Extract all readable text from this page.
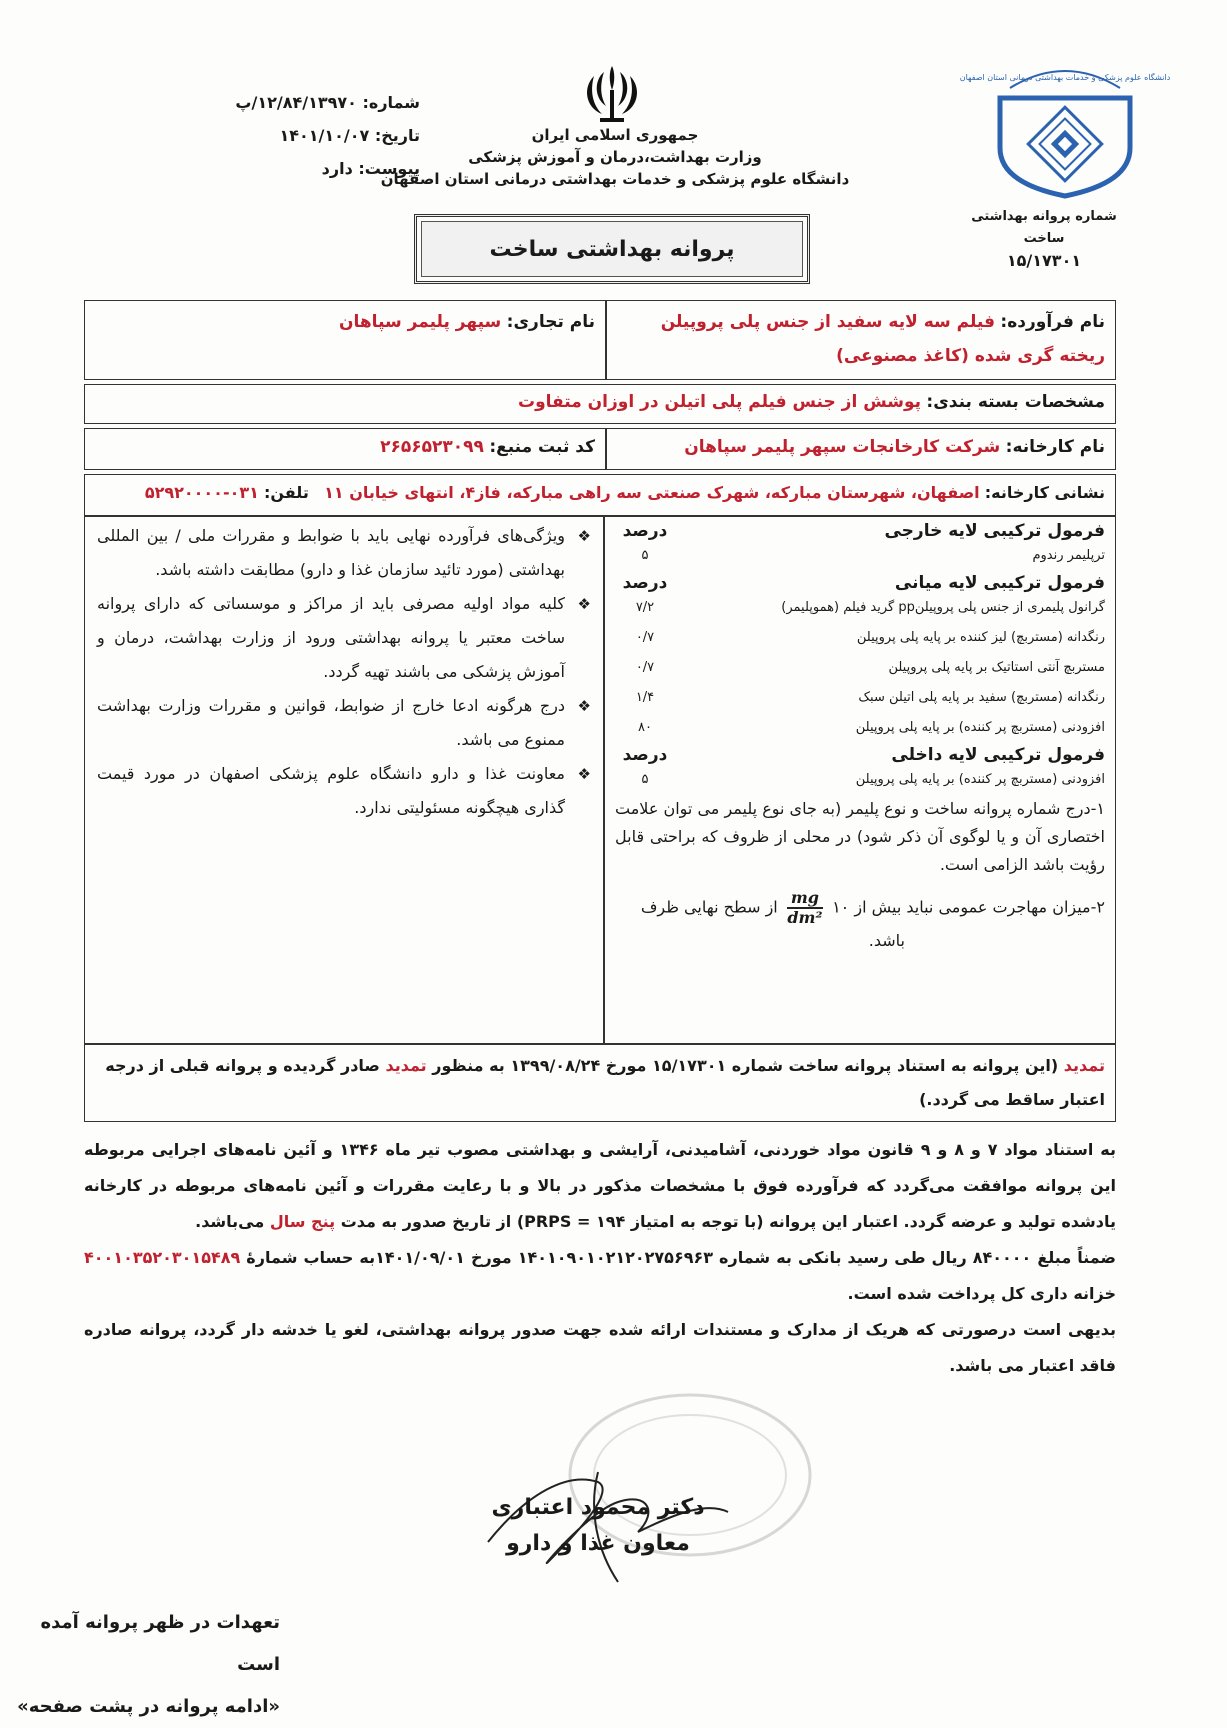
شماره: ۱۲/۸۴/۱۳۹۷۰/پ
تاریخ: ۱۴۰۱/۱۰/۰۷
پیوست: دارد
جمهوری اسلامی ایران
وزارت بهداشت،درمان و آموزش پزشکی
دانشگاه علوم پزشکی و خدمات بهداشتی درمانی استان اصفهان
دانشگاه علوم پزشکی و خدمات بهداشتی درمانی استان اصفهان
شماره پروانه بهداشتی ساخت
۱۵/۱۷۳۰۱
پروانه بهداشتی ساخت
نام فرآورده: فیلم سه لایه سفید از جنس پلی پروپیلن ریخته گری شده (کاغذ مصنوعی)
نام تجاری: سپهر پلیمر سپاهان
مشخصات بسته بندی: پوشش از جنس فیلم پلی اتیلن در اوزان متفاوت
نام کارخانه: شرکت کارخانجات سپهر پلیمر سپاهان
کد ثبت منبع: ۲۶۵۶۵۲۳۰۹۹
نشانی کارخانه: اصفهان، شهرستان مبارکه، شهرک صنعتی سه راهی مبارکه، فاز۴، انتهای خیابان ۱۱   تلفن: ۰۳۱-۵۲۹۲۰۰۰۰
❖ ویژگی‌های فرآورده نهایی باید با ضوابط و مقررات ملی / بین المللی بهداشتی (مورد تائید سازمان غذا و دارو) مطابقت داشته باشد.
❖ کلیه مواد اولیه مصرفی باید از مراکز و موسساتی که دارای پروانه ساخت معتبر یا پروانه بهداشتی ورود از وزارت بهداشت، درمان و آموزش پزشکی می باشند تهیه گردد.
❖ درج هرگونه ادعا خارج از ضوابط، قوانین و مقررات وزارت بهداشت ممنوع می باشد.
❖ معاونت غذا و دارو دانشگاه علوم پزشکی اصفهان در مورد قیمت گذاری هیچگونه مسئولیتی ندارد.
فرمول ترکیبی لایه خارجی
درصد
ترپلیمر رندوم
۵
فرمول ترکیبی لایه میانی
درصد
گرانول پلیمری از جنس پلی پروپیلنpp گرید فیلم (هموپلیمر)
۷/۲
رنگدانه (مستربچ) لیز کننده بر پایه پلی پروپیلن
۰/۷
مستربچ آنتی استاتیک بر پایه پلی پروپیلن
۰/۷
رنگدانه (مستربچ) سفید بر پایه پلی اتیلن سبک
۱/۴
افزودنی (مستربچ پر کننده) بر پایه پلی پروپیلن
۸۰
فرمول ترکیبی لایه داخلی
درصد
افزودنی (مستربچ پر کننده) بر پایه پلی پروپیلن
۵
۱-درج شماره پروانه ساخت و نوع پلیمر (به جای نوع پلیمر می توان علامت اختصاری آن و یا لوگوی آن ذکر شود) در محلی از ظروف که براحتی قابل رؤیت باشد الزامی است.
۲-میزان مهاجرت عمومی نباید بیش از ۱۰
$\frac{mg}{\text{dm²}}$
از سطح نهایی ظرف
باشد.
تمدید (این پروانه به استناد پروانه ساخت شماره ۱۵/۱۷۳۰۱ مورخ ۱۳۹۹/۰۸/۲۴ به منظور تمدید صادر گردیده و پروانه قبلی از درجه اعتبار ساقط می گردد.)

به استناد مواد ۷ و ۸ و ۹ قانون مواد خوردنی، آشامیدنی، آرایشی و بهداشتی مصوب تیر ماه ۱۳۴۶ و آئین نامه‌های اجرایی مربوطه این پروانه موافقت می‌گردد که فرآورده فوق با مشخصات مذکور در بالا و با رعایت مقررات و آئین نامه‌های مربوطه در کارخانه یادشده تولید و عرضه گردد. اعتبار این پروانه (با توجه به امتیاز ۱۹۴ = PRPS) از تاریخ صدور به مدت پنج سال می‌باشد.

ضمناً مبلغ ۸۴۰۰۰۰ ریال طی رسید بانکی به شماره ۱۴۰۱۰۹۰۱۰۲۱۲۰۲۷۵۶۹۶۳ مورخ ۱۴۰۱/۰۹/۰۱به حساب شمارهٔ ۴۰۰۱۰۳۵۲۰۳۰۱۵۴۸۹ خزانه داری کل پرداخت شده است.

بدیهی است درصورتی که هریک از مدارک و مستندات ارائه شده جهت صدور پروانه بهداشتی، لغو یا خدشه دار گردد، پروانه صادره فاقد اعتبار می باشد.

دکتر محمود اعتباری
معاون غذا و دارو
تعهدات در ظهر پروانه آمده است
«ادامه پروانه در پشت صفحه»
